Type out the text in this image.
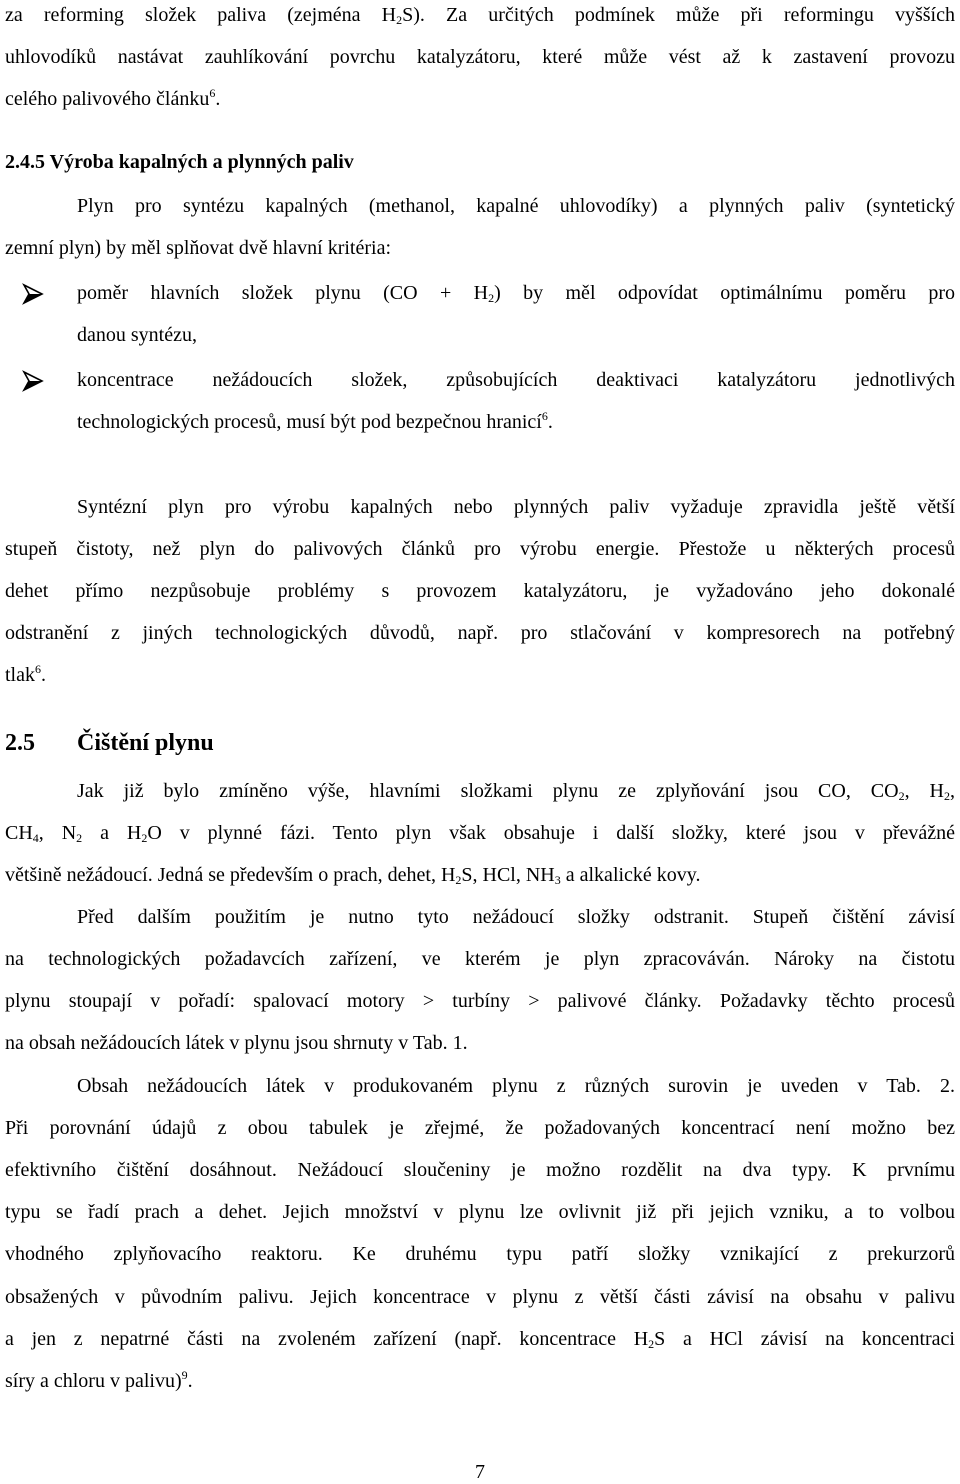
za reforming složek paliva (zejména $H_2S$). Za určitých podmínek může při reformingu vyšších
uhlovodíků nastávat zauhlíkování povrchu katalyzátoru, které může vést až k zastavení provozu
celého palivového článku$^6$.
2.4.5 Výroba kapalných a plynných paliv
Plyn pro syntézu kapalných (methanol, kapalné uhlovodíky) a plynných paliv (syntetický
zemní plyn) by měl splňovat dvě hlavní kritéria:
poměr hlavních složek plynu $(CO + H_2)$ by měl odpovídat optimálnímu poměru pro
danou syntézu,
koncentrace nežádoucích složek, způsobujících deaktivaci katalyzátoru jednotlivých
technologických procesů, musí být pod bezpečnou hranicí$^6$.
Syntézní plyn pro výrobu kapalných nebo plynných paliv vyžaduje zpravidla ještě větší
stupeň čistoty, než plyn do palivových článků pro výrobu energie. Přestože u některých procesů
dehet přímo nezpůsobuje problémy s provozem katalyzátoru, je vyžadováno jeho dokonalé
odstranění z jiných technologických důvodů, např. pro stlačování v kompresorech na potřebný
tlak$^6$.
2.5 Čištění plynu
Jak již bylo zmíněno výše, hlavními složkami plynu ze zplyňování jsou CO, $CO_2$, $H_2$,
$CH_4$, $N_2$ a $H_2O$ v plynné fázi. Tento plyn však obsahuje i další složky, které jsou v převážné
většině nežádoucí. Jedná se především o prach, dehet, $H_2S$, HCl, $NH_3$ a alkalické kovy.
Před dalším použitím je nutno tyto nežádoucí složky odstranit. Stupeň čištění závisí
na technologických požadavcích zařízení, ve kterém je plyn zpracováván. Nároky na čistotu
plynu stoupají v pořadí: spalovací motory > turbíny > palivové články. Požadavky těchto procesů
na obsah nežádoucích látek v plynu jsou shrnuty v Tab. 1.
Obsah nežádoucích látek v produkovaném plynu z různých surovin je uveden v Tab. 2.
Při porovnání údajů z obou tabulek je zřejmé, že požadovaných koncentrací není možno bez
efektivního čištění dosáhnout. Nežádoucí sloučeniny je možno rozdělit na dva typy. K prvnímu
typu se řadí prach a dehet. Jejich množství v plynu lze ovlivnit již při jejich vzniku, a to volbou
vhodného zplyňovacího reaktoru. Ke druhému typu patří složky vznikající z prekurzorů
obsažených v původním palivu. Jejich koncentrace v plynu z větší části závisí na obsahu v palivu
a jen z nepatrné části na zvoleném zařízení (např. koncentrace $H_2S$ a HCl závisí na koncentraci
síry a chloru v palivu)$^9$.
7
